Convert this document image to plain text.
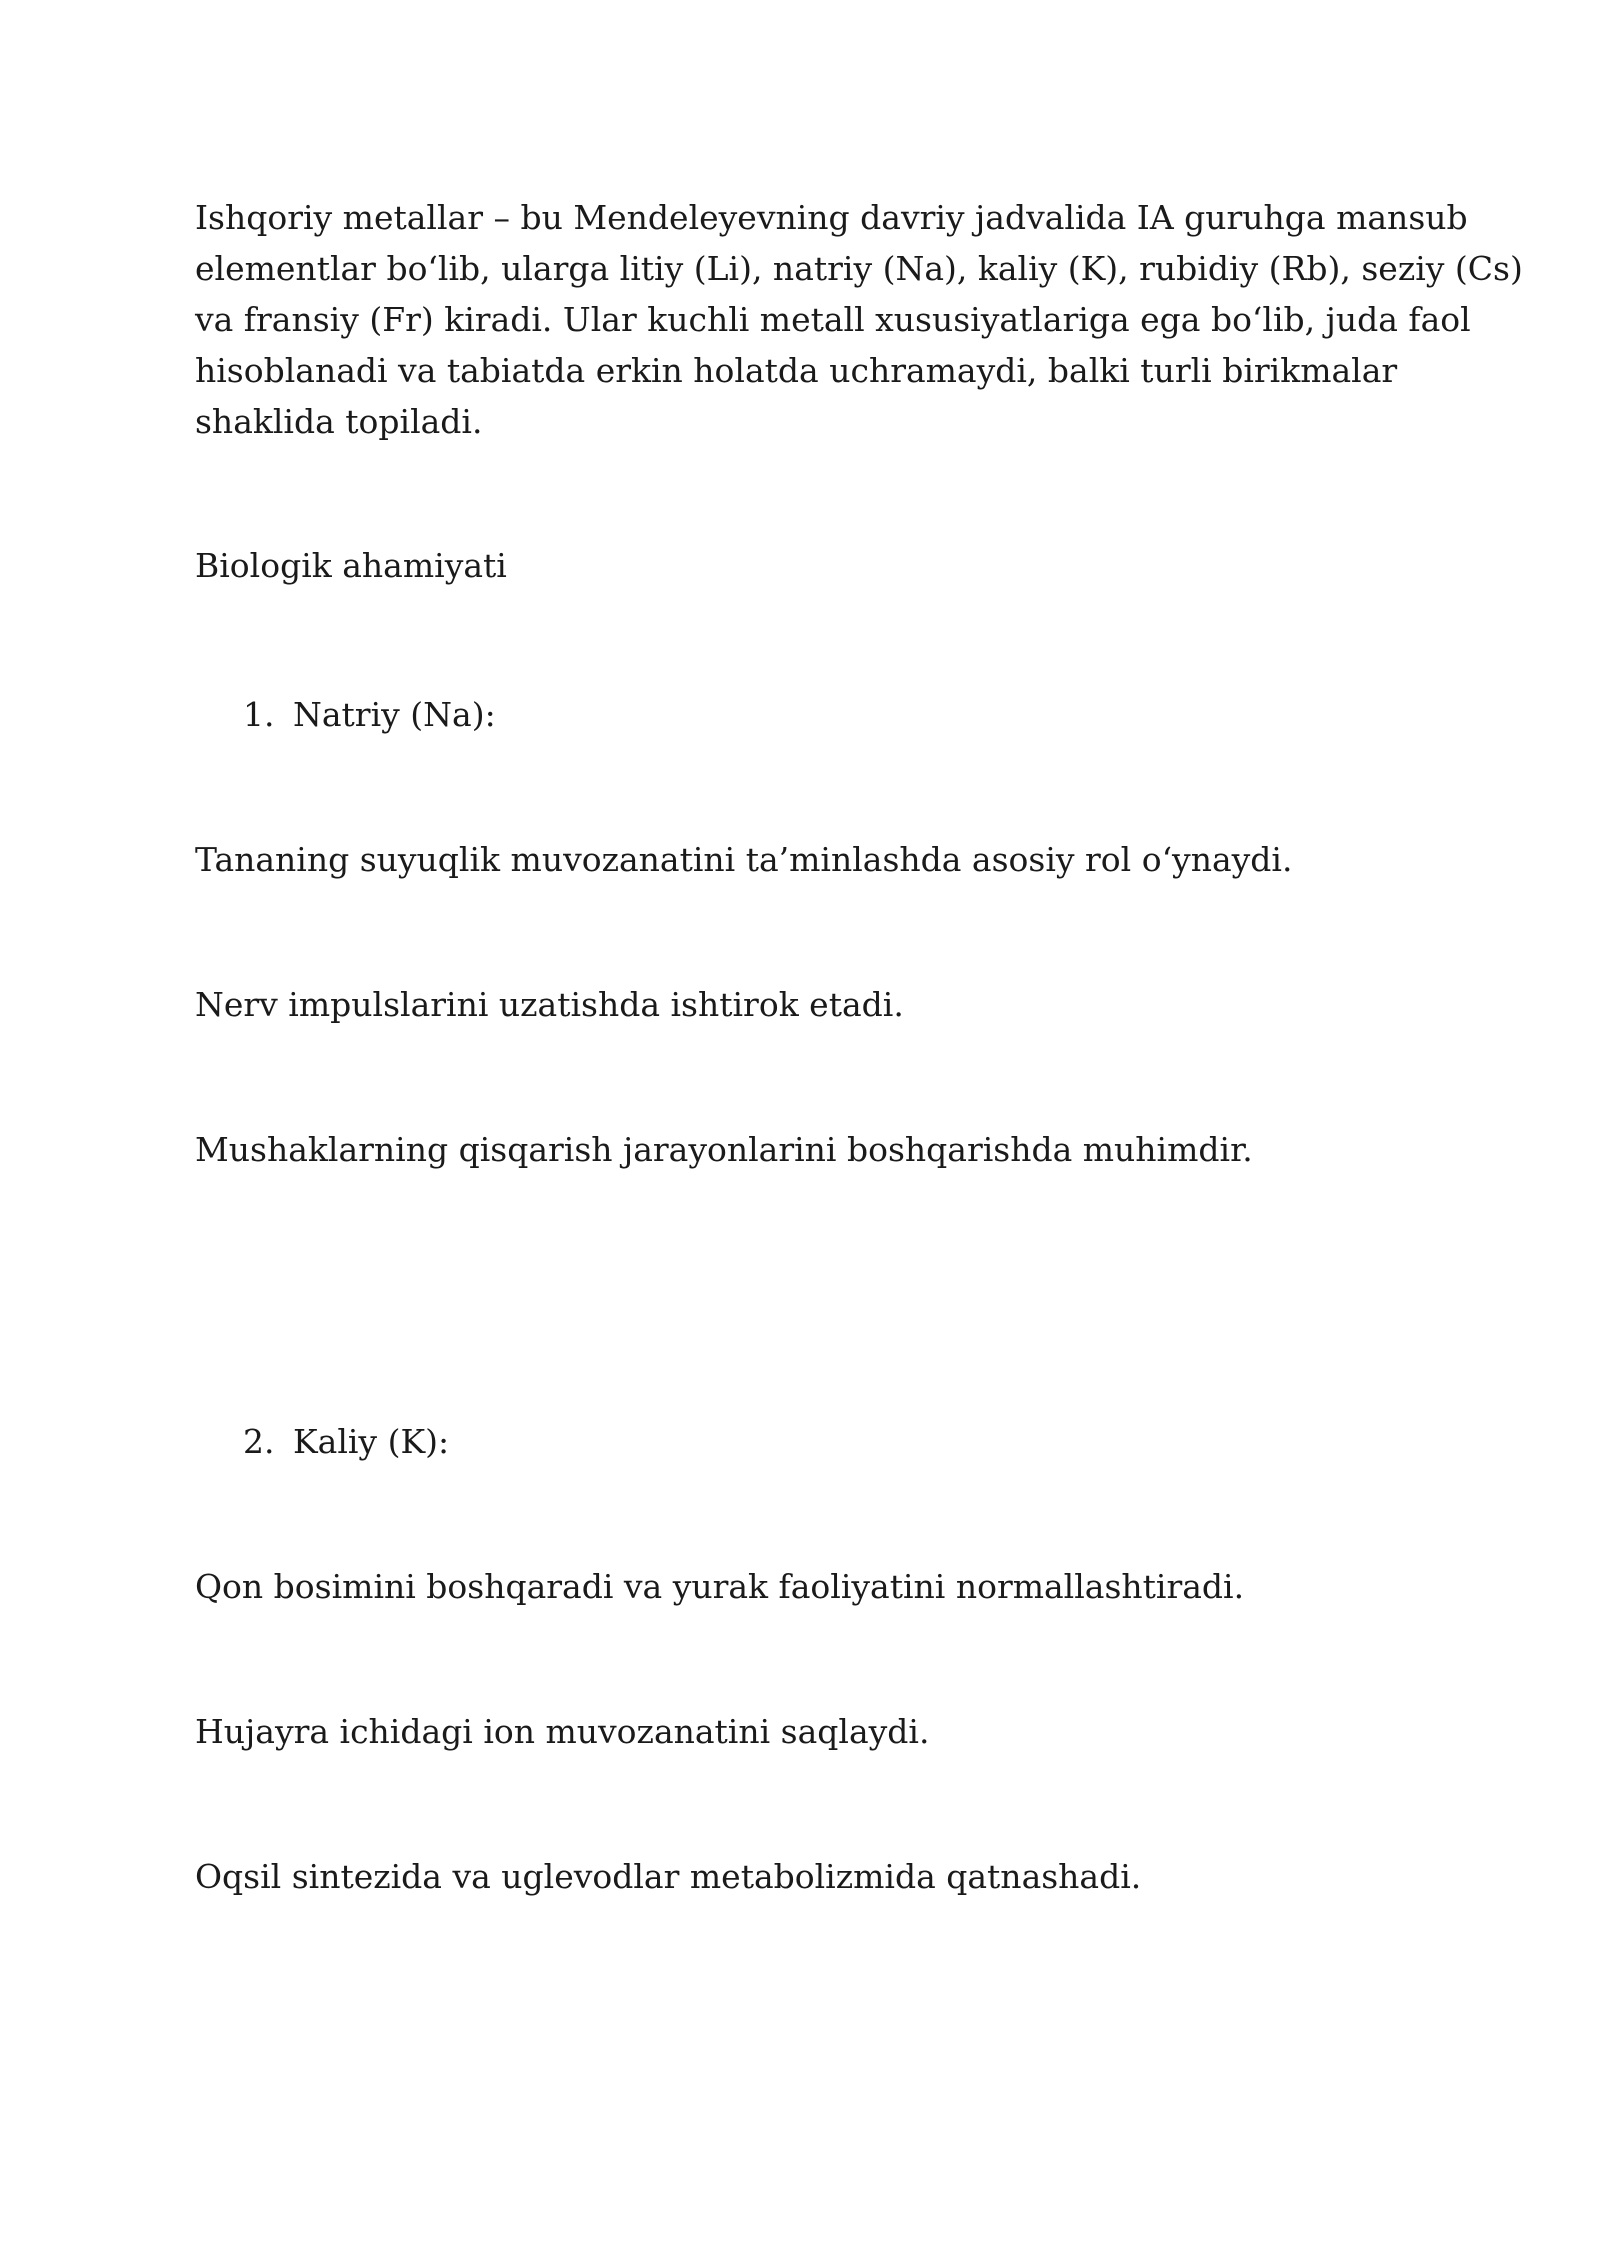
Ishqoriy metallar – bu Mendeleyevning davriy jadvalida IA guruhga mansub
elementlar bo‘lib, ularga litiy (Li), natriy (Na), kaliy (K), rubidiy (Rb), seziy (Cs)
va fransiy (Fr) kiradi. Ular kuchli metall xususiyatlariga ega bo‘lib, juda faol
hisoblanadi va tabiatda erkin holatda uchramaydi, balki turli birikmalar
shaklida topiladi.

Biologik ahamiyati

1. Natriy (Na):

Tananing suyuqlik muvozanatini ta’minlashda asosiy rol o‘ynaydi.

Nerv impulslarini uzatishda ishtirok etadi.

Mushaklarning qisqarish jarayonlarini boshqarishda muhimdir.

2. Kaliy (K):

Qon bosimini boshqaradi va yurak faoliyatini normallashtiradi.

Hujayra ichidagi ion muvozanatini saqlaydi.

Oqsil sintezida va uglevodlar metabolizmida qatnashadi.
